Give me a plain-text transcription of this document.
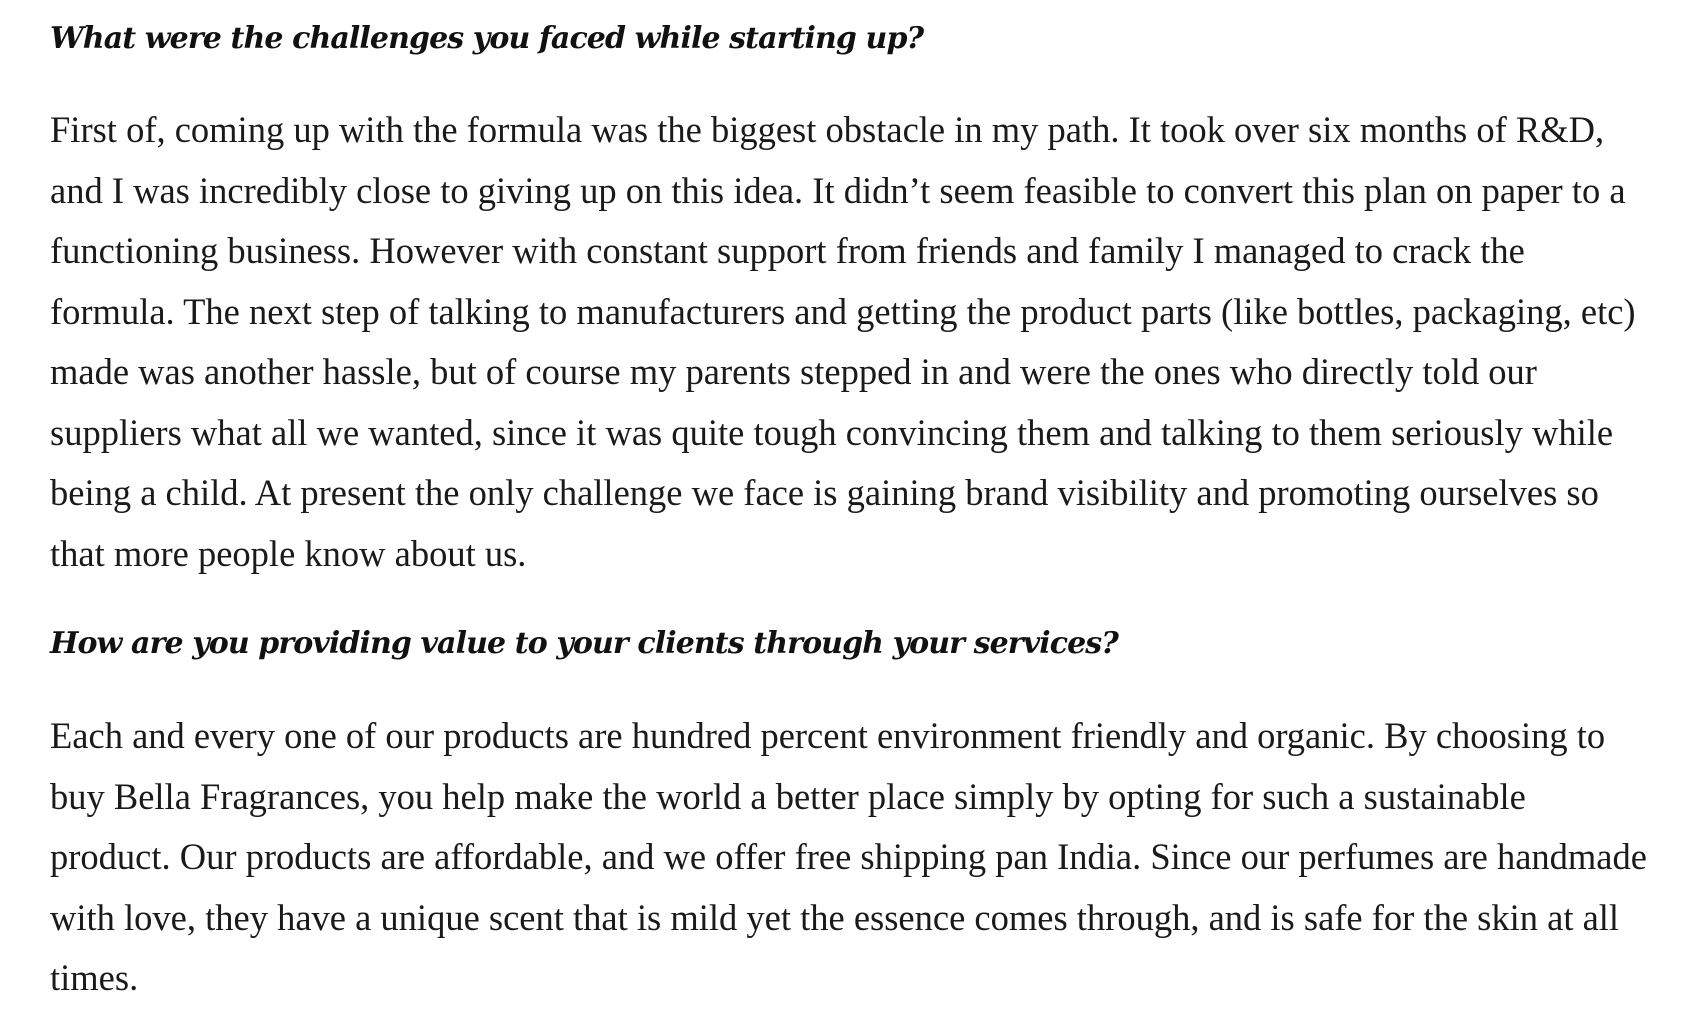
What were the challenges you faced while starting up?

First of, coming up with the formula was the biggest obstacle in my path. It took over six months of R&D, and I was incredibly close to giving up on this idea. It didn’t seem feasible to convert this plan on paper to a functioning business. However with constant support from friends and family I managed to crack the formula. The next step of talking to manufacturers and getting the product parts (like bottles, packaging, etc) made was another hassle, but of course my parents stepped in and were the ones who directly told our suppliers what all we wanted, since it was quite tough convincing them and talking to them seriously while being a child. At present the only challenge we face is gaining brand visibility and promoting ourselves so that more people know about us.

How are you providing value to your clients through your services?

Each and every one of our products are hundred percent environment friendly and organic. By choosing to buy Bella Fragrances, you help make the world a better place simply by opting for such a sustainable product. Our products are affordable, and we offer free shipping pan India. Since our perfumes are handmade with love, they have a unique scent that is mild yet the essence comes through, and is safe for the skin at all times.
